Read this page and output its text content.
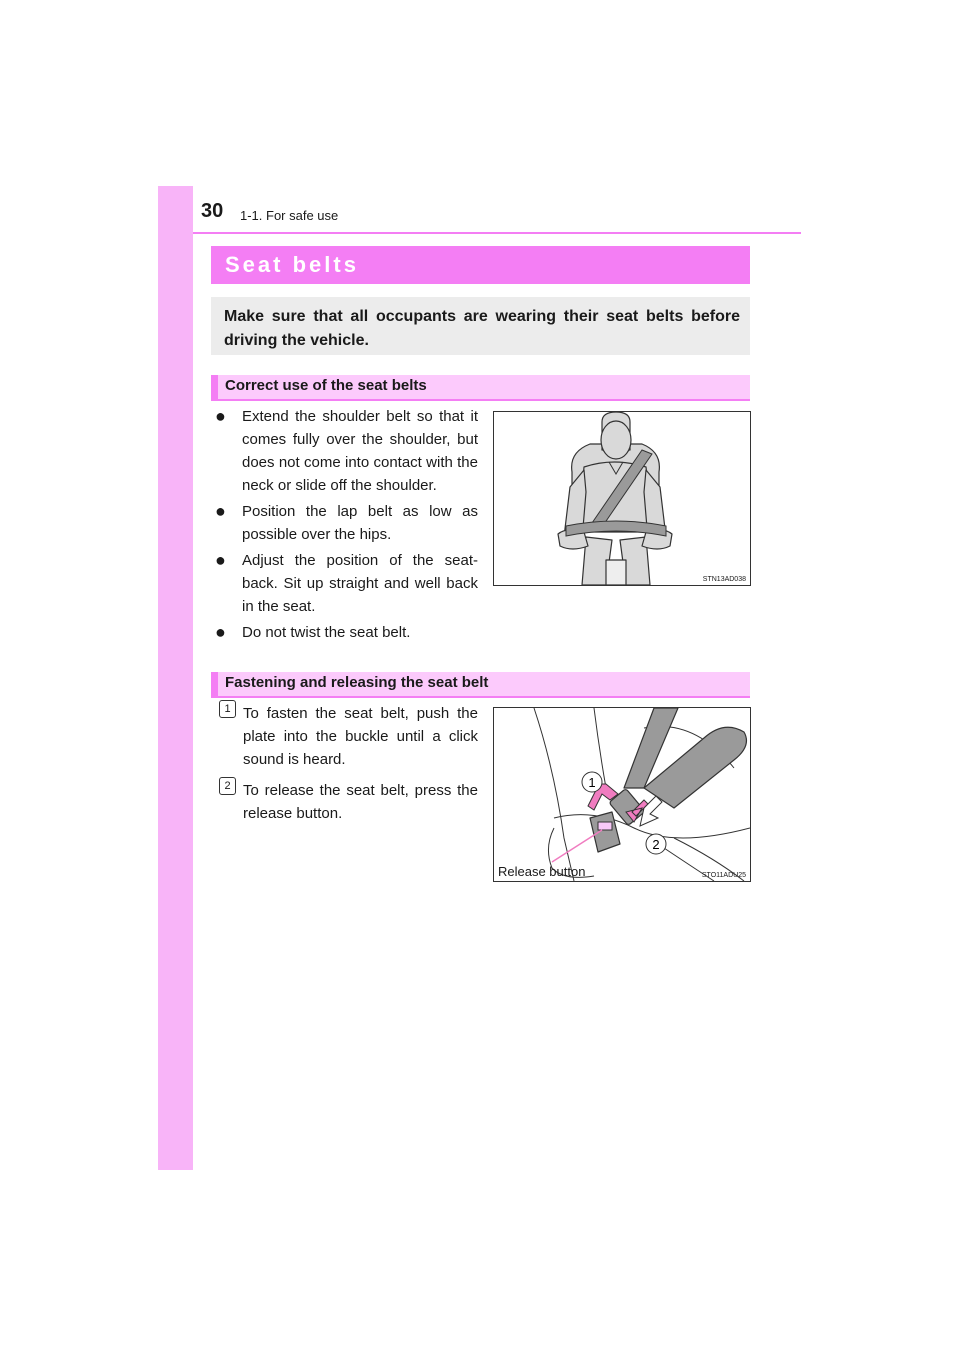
30 1-1. For safe use
Seat belts
Make sure that all occupants are wearing their seat belts before driving the vehicle.
Correct use of the seat belts
● Extend the shoulder belt so that it comes fully over the shoulder, but does not come into contact with the neck or slide off the shoulder.
● Position the lap belt as low as possible over the hips.
● Adjust the position of the seat-back. Sit up straight and well back in the seat.
● Do not twist the seat belt.
STN13AD038
Fastening and releasing the seat belt
1 To fasten the seat belt, push the plate into the buckle until a click sound is heard.
2 To release the seat belt, press the release button.
1
2
Release button	STO11ADU25
